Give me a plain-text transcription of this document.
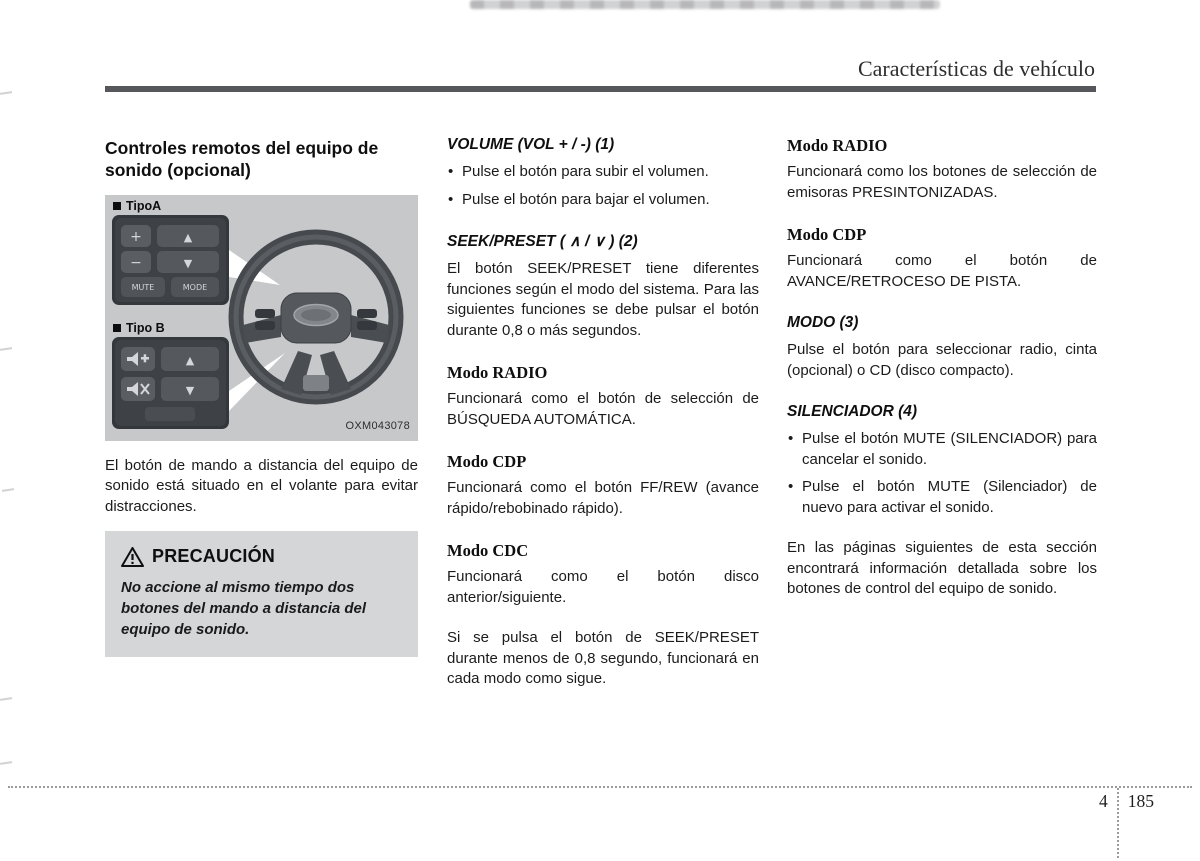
Características de vehículo
Controles remotos del equipo de sonido (opcional)
+
−
▲
▼
MUTE	MODE
▲
▼
TipoA
Tipo B
OXM043078

El botón de mando a distancia del equipo de sonido está situado en el volante para evitar distracciones.

PRECAUCIÓN

No accione al mismo tiempo dos botones del mando a distancia del equipo de sonido.

VOLUME (VOL + / -) (1)
• Pulse el botón para subir el volumen.
• Pulse el botón para bajar el volumen.
SEEK/PRESET ( ∧ / ∨ ) (2)

El botón SEEK/PRESET tiene diferentes funciones según el modo del sistema. Para las siguientes funciones se debe pulsar el botón durante 0,8 o más segundos.

Modo RADIO

Funcionará como el botón de selección de BÚSQUEDA AUTOMÁTICA.

Modo CDP

Funcionará como el botón FF/REW (avance rápido/rebobinado rápido).

Modo CDC

Funcionará como el botón disco anterior/siguiente.

Si se pulsa el botón de SEEK/PRESET durante menos de 0,8 segundo, funcionará en cada modo como sigue.

Modo RADIO

Funcionará como los botones de selección de emisoras PRESINTONIZADAS.

Modo CDP

Funcionará como el botón de AVANCE/RETROCESO DE PISTA.

MODO (3)

Pulse el botón para seleccionar radio, cinta (opcional) o CD (disco compacto).

SILENCIADOR (4)
• Pulse el botón MUTE (SILENCIADOR) para cancelar el sonido.
• Pulse el botón MUTE (Silenciador) de nuevo para activar el sonido.

En las páginas siguientes de esta sección encontrará información detallada sobre los botones de control del equipo de sonido.

4 185
